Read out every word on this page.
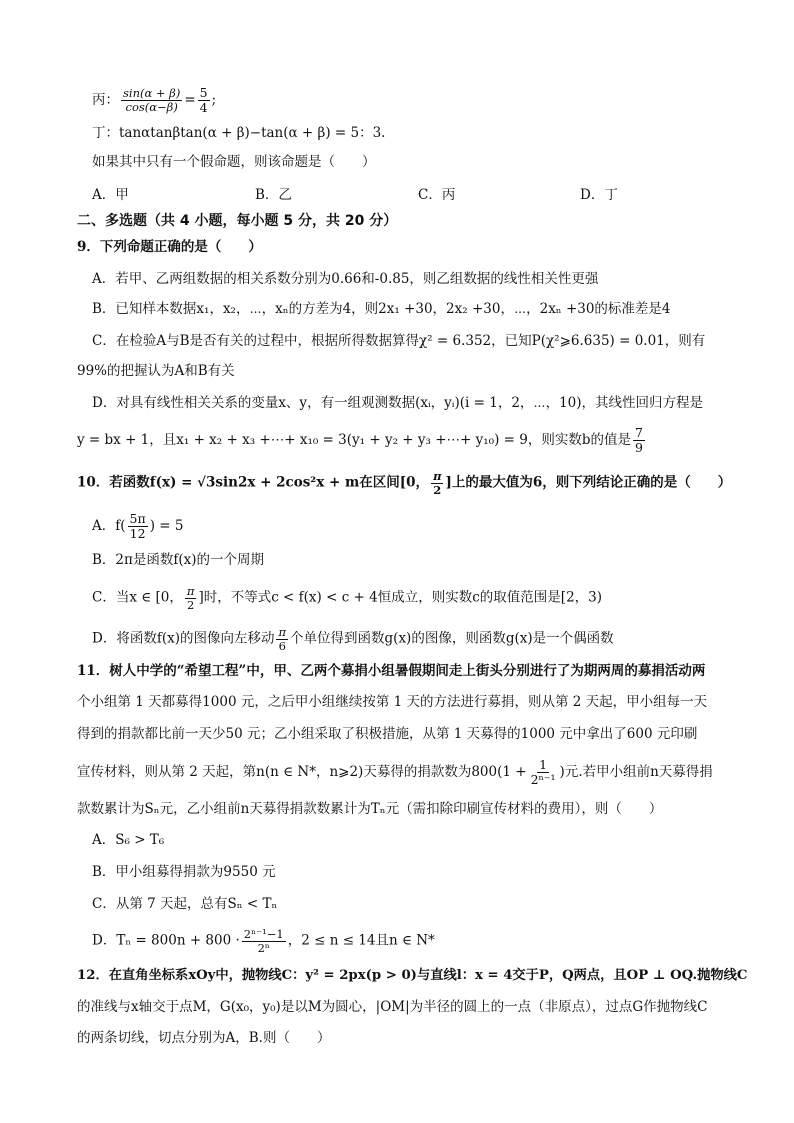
丙： $\frac{\sin(\alpha + \beta)}{\cos(\alpha-\beta)} = \frac{5}{4}$ ;
丁：tanαtanβtan(α + β)−tan(α + β) = 5：3.
如果其中只有一个假命题，则该命题是（　　）
A．甲	B．乙	C．丙	D．丁
二、多选题（共 4 小题，每小题 5 分，共 20 分）
9．下列命题正确的是（　　）
A．若甲、乙两组数据的相关系数分别为0.66和-0.85，则乙组数据的线性相关性更强
B．已知样本数据x₁，x₂，⋯，xₙ的方差为4，则2x₁ +30，2x₂ +30，⋯，2xₙ +30的标准差是4
C．在检验A与B是否有关的过程中，根据所得数据算得χ² = 6.352，已知P(χ²⩾6.635) = 0.01，则有
99%的把握认为A和B有关
D．对具有线性相关关系的变量x、y，有一组观测数据(xᵢ，yᵢ)(i = 1，2，⋯，10)，其线性回归方程是
y = bx + 1，且x₁ + x₂ + x₃ +⋯+ x₁₀ = 3(y₁ + y₂ + y₃ +⋯+ y₁₀) = 9，则实数b的值是 $\frac{7}{9}$
10．若函数f(x) = √3sin2x + 2cos²x + m在区间[0， $\frac{\pi}{2}$ ]上的最大值为6，则下列结论正确的是（　　）
A．$f( \frac{5\pi}{12}$ ) = 5
B．2π是函数f(x)的一个周期
C．当x ∈ [0， $\frac{\pi}{2}$ ]时，不等式c < f(x) < c + 4恒成立，则实数c的取值范围是[2，3)
D．将函数f(x)的图像向左移动 $\frac{\pi}{6}$ 个单位得到函数g(x)的图像，则函数g(x)是一个偶函数
11．树人中学的“希望工程”中，甲、乙两个募捐小组暑假期间走上街头分别进行了为期两周的募捐活动两
个小组第 1 天都募得1000 元，之后甲小组继续按第 1 天的方法进行募捐，则从第 2 天起，甲小组每一天
得到的捐款都比前一天少50 元；乙小组采取了积极措施，从第 1 天募得的1000 元中拿出了600 元印刷
宣传材料，则从第 2 天起，第n(n ∈ N*，n⩾2)天募得的捐款数为$800(1 + \frac{1}{\text{2ⁿ⁻¹}}$ )元.若甲小组前n天募得捐
款数累计为Sₙ元，乙小组前n天募得捐款数累计为Tₙ元（需扣除印刷宣传材料的费用），则（　　）
A．S₆ > T₆
B．甲小组募得捐款为9550 元
C．从第 7 天起，总有Sₙ < Tₙ
D．$T_n = 800n + 800 \cdot \frac{\text{2ⁿ⁻¹−1}}{\text{2ⁿ}}$ ，2 ≤ n ≤ 14且n ∈ N*
12．在直角坐标系xOy中，抛物线C：y² = 2px(p > 0)与直线l：x = 4交于P，Q两点，且OP ⊥ OQ.抛物线C
的准线与x轴交于点M，G(x₀，y₀)是以M为圆心，|OM|为半径的圆上的一点（非原点），过点G作抛物线C
的两条切线，切点分别为A，B.则（　　）
